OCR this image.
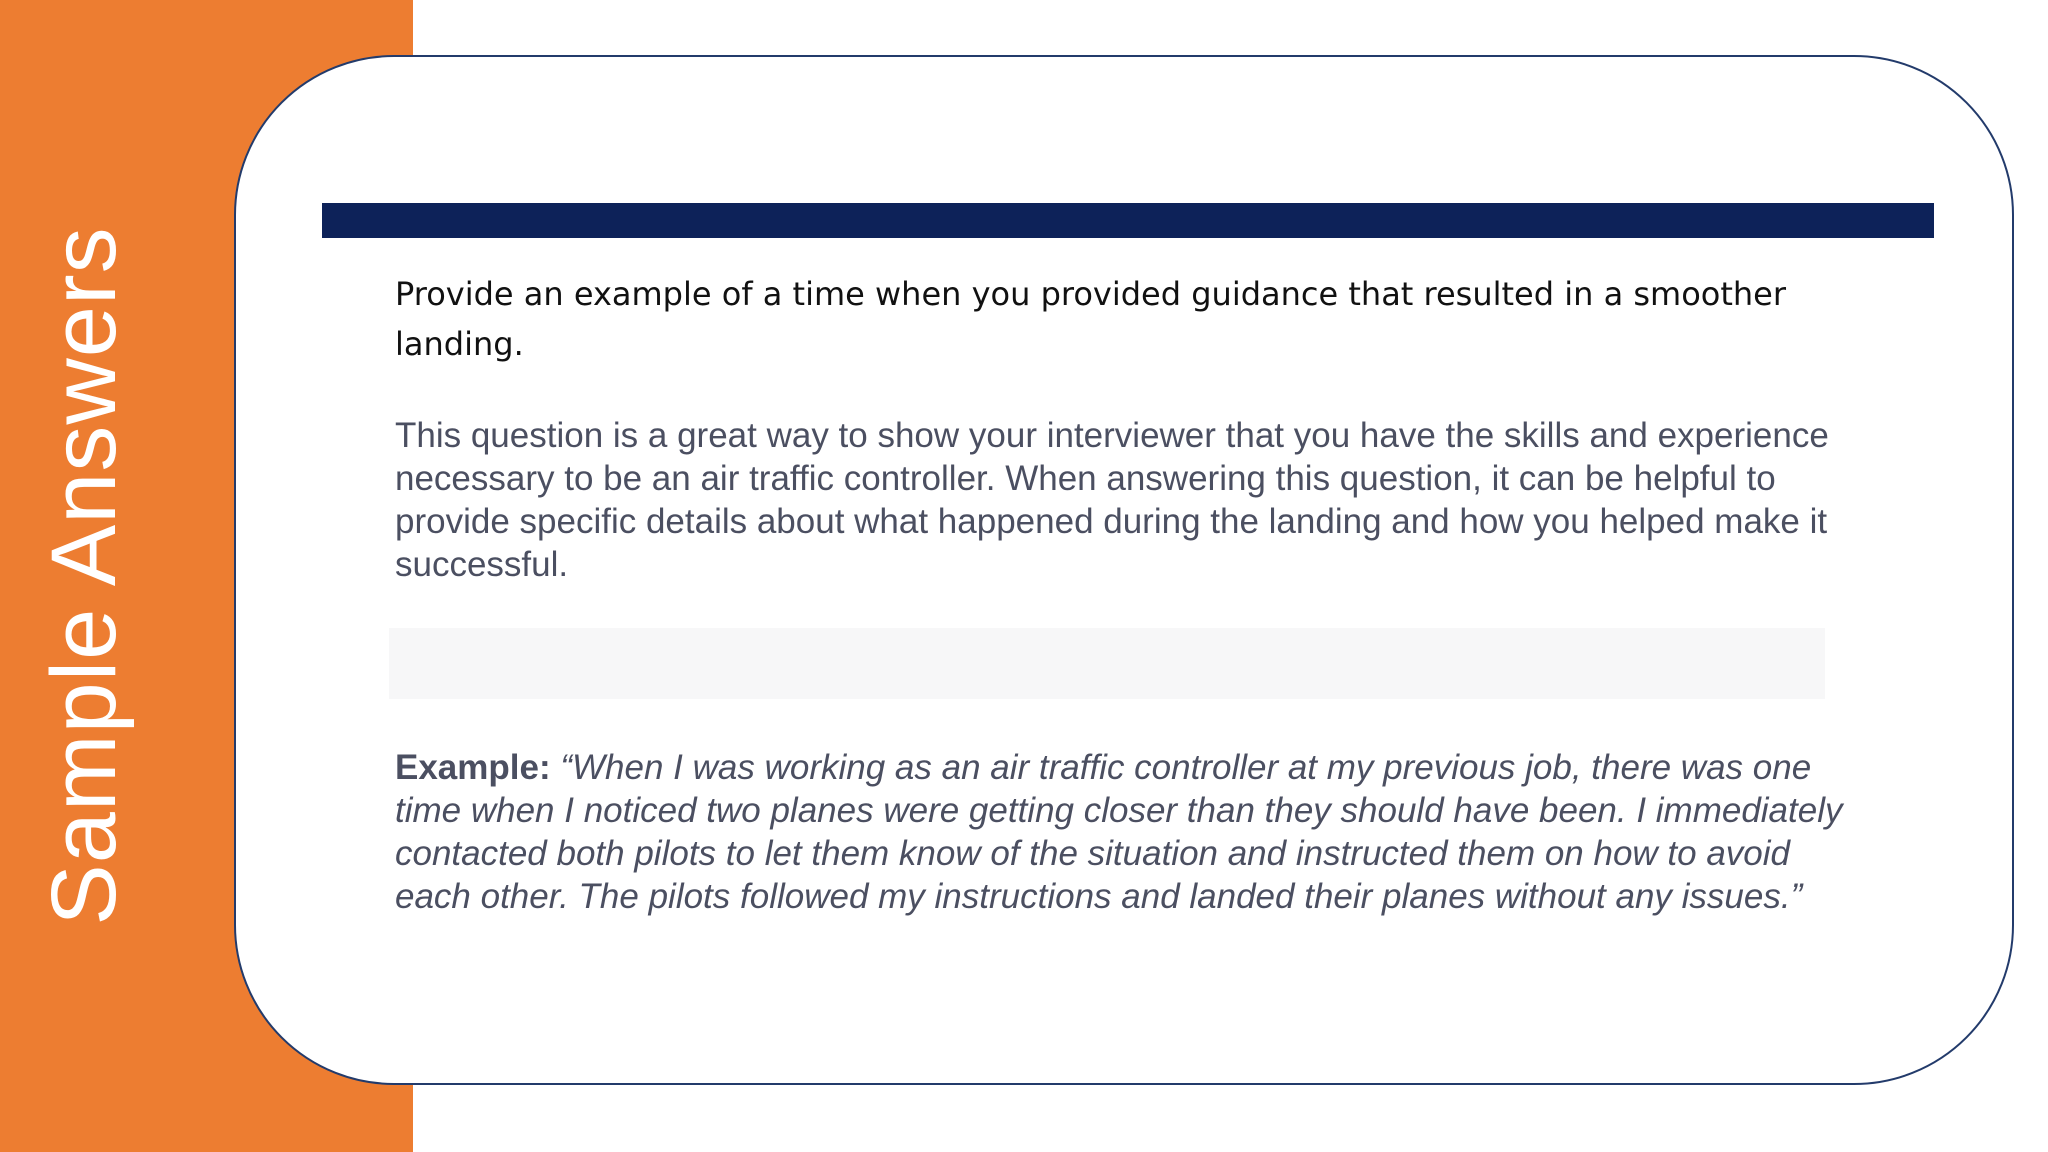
Sample Answers	Provide an example of a time when you provided guidance that resulted in a smoother landing.

This question is a great way to show your interviewer that you have the skills and experience necessary to be an air traffic controller. When answering this question, it can be helpful to provide specific details about what happened during the landing and how you helped make it successful.

Example: “When I was working as an air traffic controller at my previous job, there was one time when I noticed two planes were getting closer than they should have been. I immediately contacted both pilots to let them know of the situation and instructed them on how to avoid each other. The pilots followed my instructions and landed their planes without any issues.”
